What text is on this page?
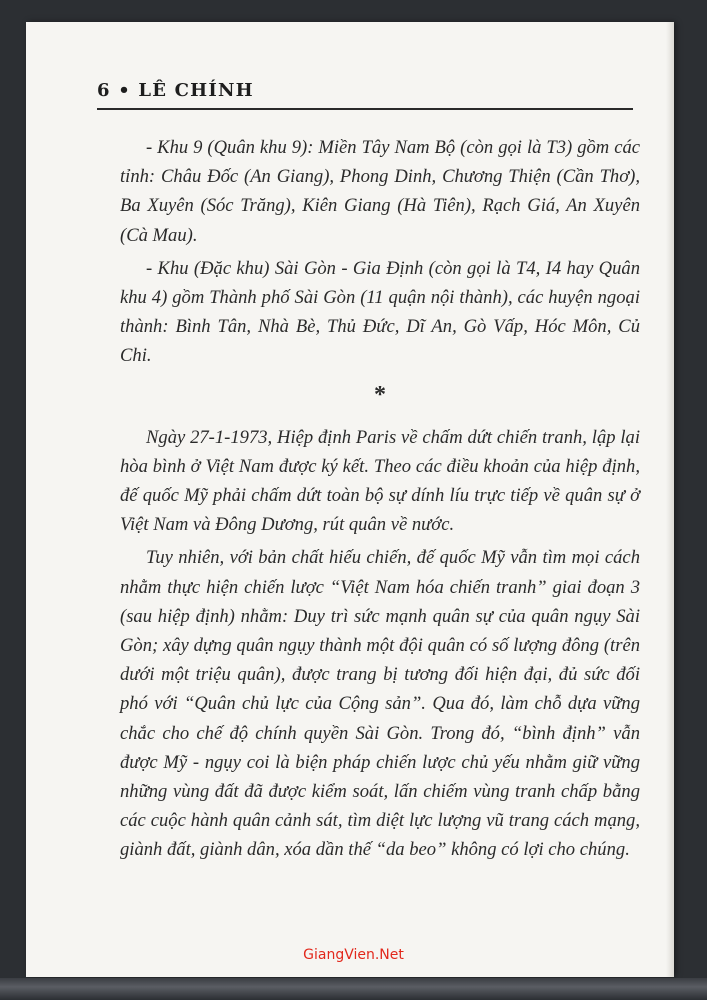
6 • LÊ CHÍNH

- Khu 9 (Quân khu 9): Miền Tây Nam Bộ (còn gọi là T3) gồm các tỉnh: Châu Đốc (An Giang), Phong Dinh, Chương Thiện (Cần Thơ), Ba Xuyên (Sóc Trăng), Kiên Giang (Hà Tiên), Rạch Giá, An Xuyên (Cà Mau).

- Khu (Đặc khu) Sài Gòn - Gia Định (còn gọi là T4, I4 hay Quân khu 4) gồm Thành phố Sài Gòn (11 quận nội thành), các huyện ngoại thành: Bình Tân, Nhà Bè, Thủ Đức, Dĩ An, Gò Vấp, Hóc Môn, Củ Chi.

*

Ngày 27-1-1973, Hiệp định Paris về chấm dứt chiến tranh, lập lại hòa bình ở Việt Nam được ký kết. Theo các điều khoản của hiệp định, đế quốc Mỹ phải chấm dứt toàn bộ sự dính líu trực tiếp về quân sự ở Việt Nam và Đông Dương, rút quân về nước.

Tuy nhiên, với bản chất hiếu chiến, đế quốc Mỹ vẫn tìm mọi cách nhằm thực hiện chiến lược “Việt Nam hóa chiến tranh” giai đoạn 3 (sau hiệp định) nhằm: Duy trì sức mạnh quân sự của quân ngụy Sài Gòn; xây dựng quân ngụy thành một đội quân có số lượng đông (trên dưới một triệu quân), được trang bị tương đối hiện đại, đủ sức đối phó với “Quân chủ lực của Cộng sản”. Qua đó, làm chỗ dựa vững chắc cho chế độ chính quyền Sài Gòn. Trong đó, “bình định” vẫn được Mỹ - ngụy coi là biện pháp chiến lược chủ yếu nhằm giữ vững những vùng đất đã được kiểm soát, lấn chiếm vùng tranh chấp bằng các cuộc hành quân cảnh sát, tìm diệt lực lượng vũ trang cách mạng, giành đất, giành dân, xóa dần thế “da beo” không có lợi cho chúng.

GiangVien.Net
